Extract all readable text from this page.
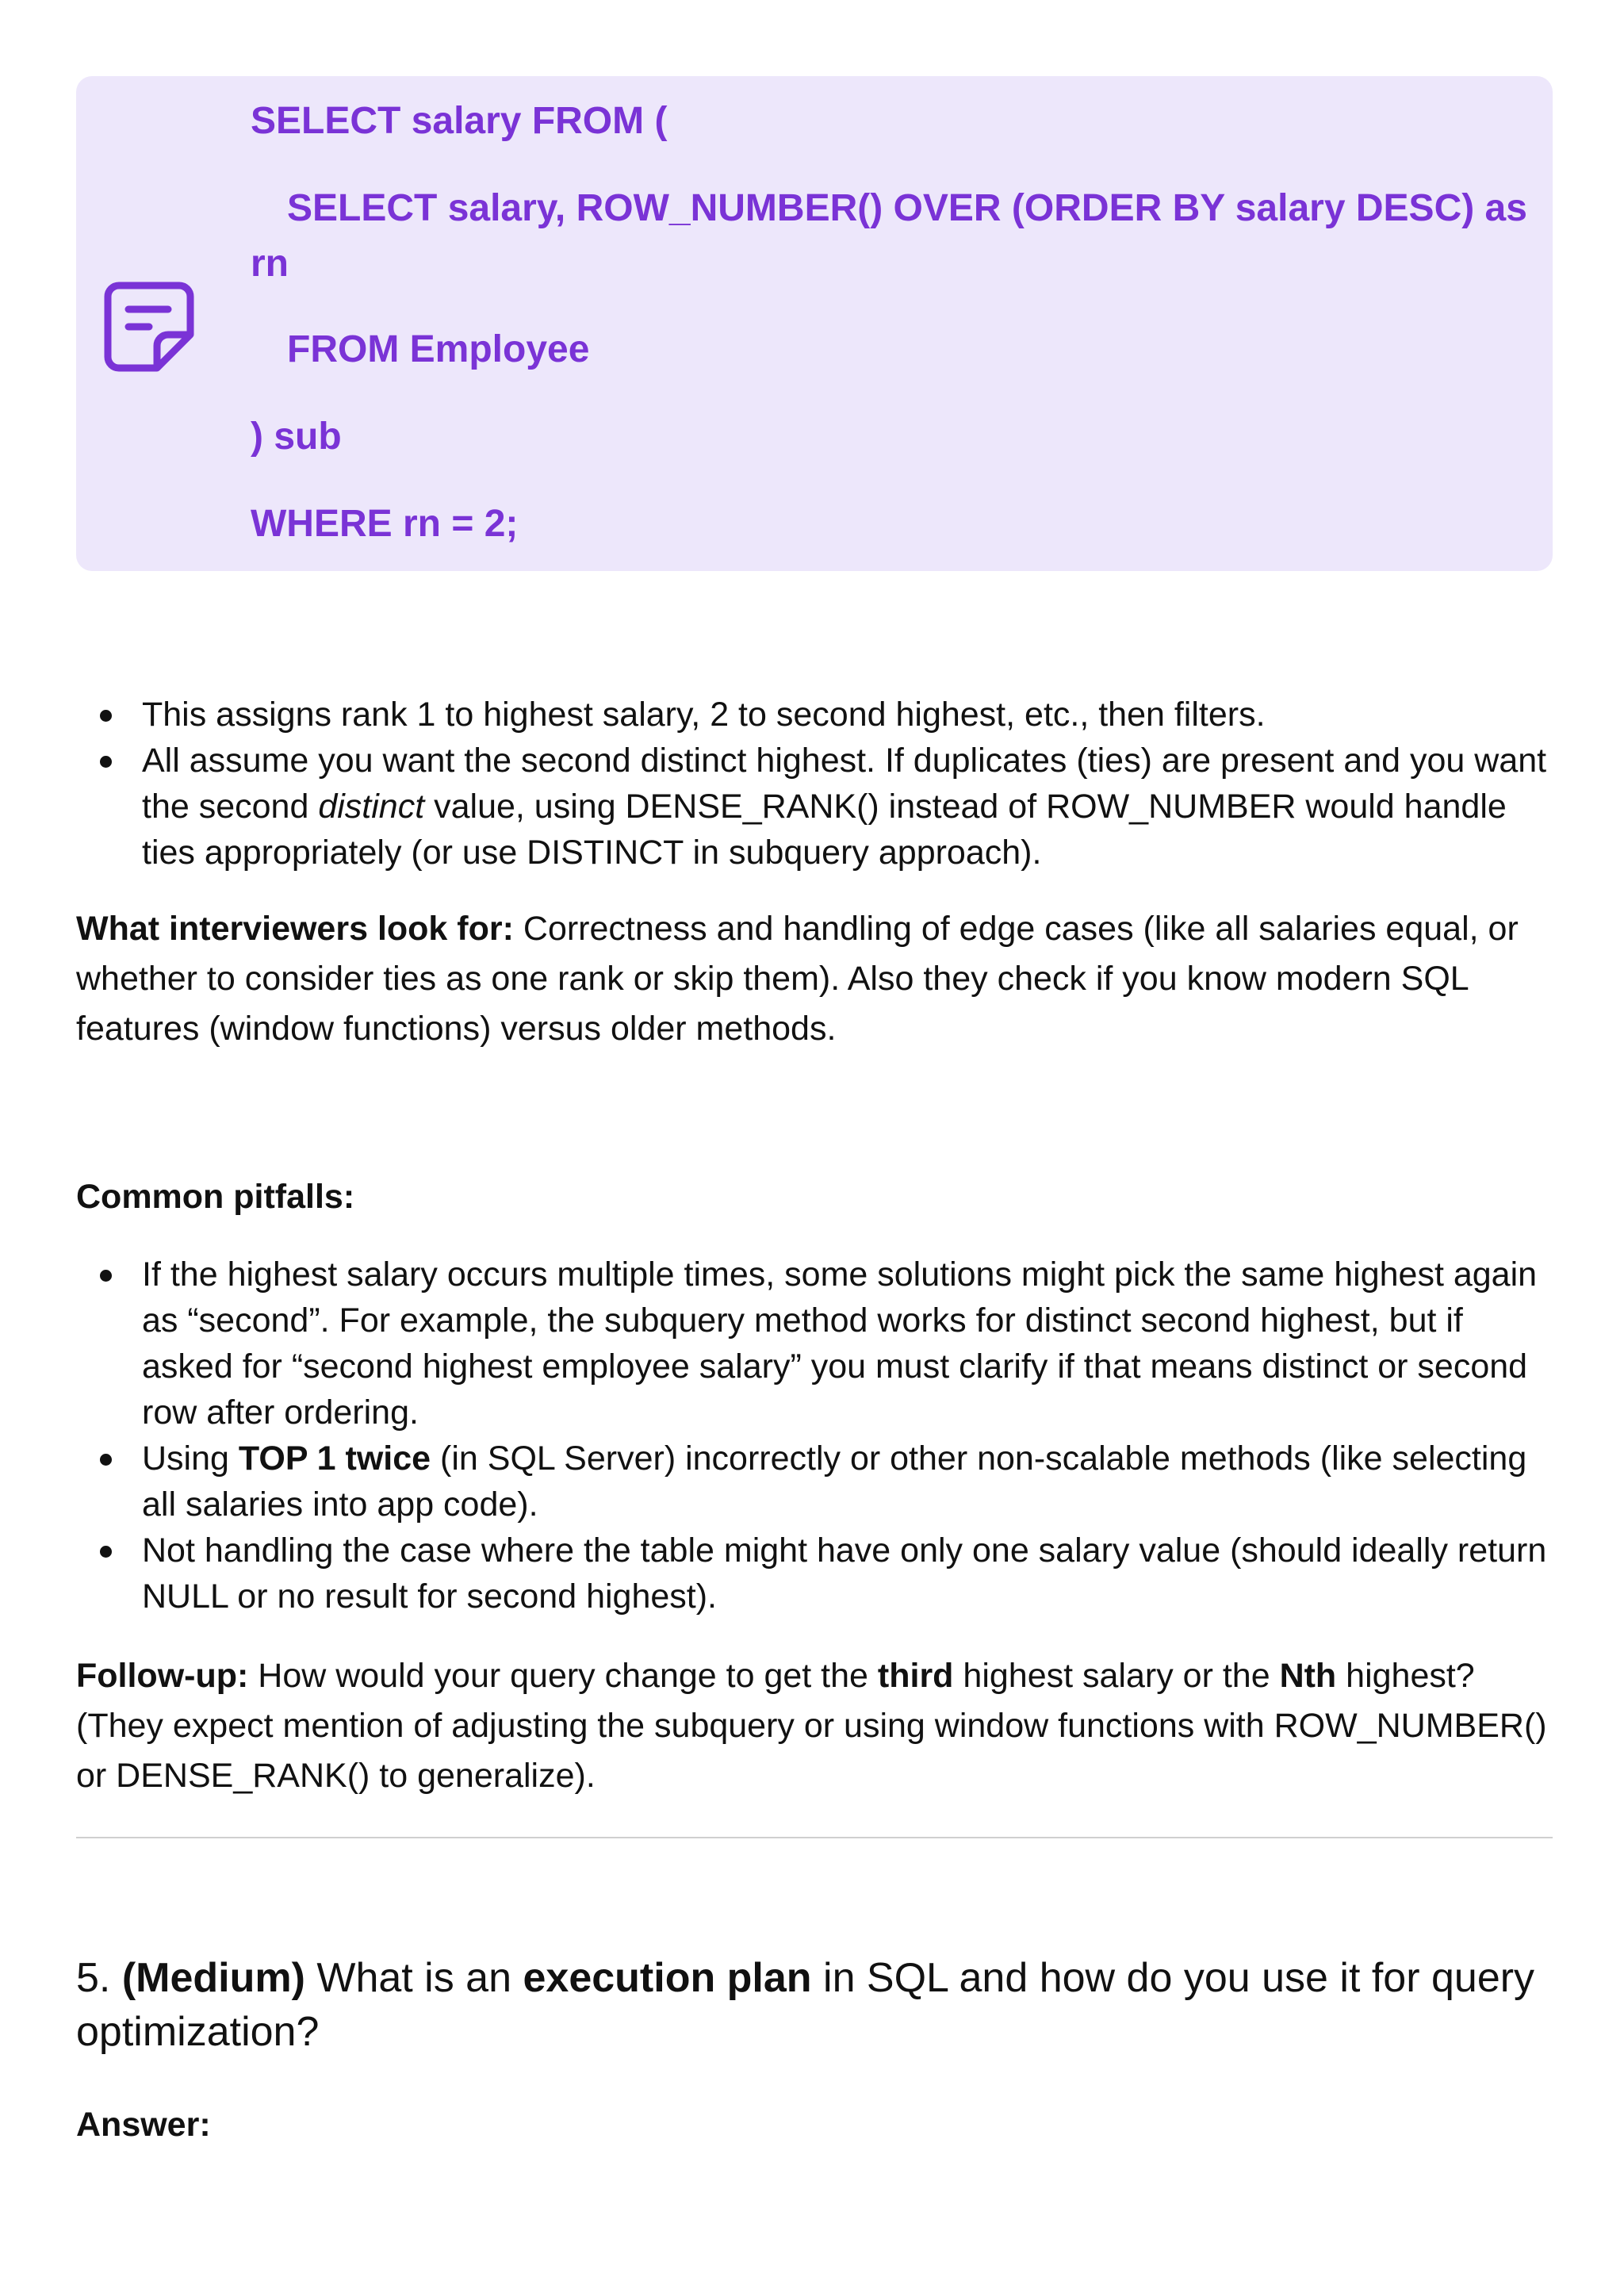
SELECT salary FROM (
SELECT salary, ROW_NUMBER() OVER (ORDER BY salary DESC) as
rn
FROM Employee
) sub
WHERE rn = 2;
This assigns rank 1 to highest salary, 2 to second highest, etc., then filters.
All assume you want the second distinct highest. If duplicates (ties) are present and you want the second distinct value, using DENSE_RANK() instead of ROW_NUMBER would handle ties appropriately (or use DISTINCT in subquery approach).

What interviewers look for: Correctness and handling of edge cases (like all salaries equal, or whether to consider ties as one rank or skip them). Also they check if you know modern SQL features (window functions) versus older methods.

Common pitfalls:

If the highest salary occurs multiple times, some solutions might pick the same highest again as “second”. For example, the subquery method works for distinct second highest, but if asked for “second highest employee salary” you must clarify if that means distinct or second row after ordering.
Using TOP 1 twice (in SQL Server) incorrectly or other non-scalable methods (like selecting all salaries into app code).
Not handling the case where the table might have only one salary value (should ideally return NULL or no result for second highest).

Follow-up: How would your query change to get the third highest salary or the Nth highest? (They expect mention of adjusting the subquery or using window functions with ROW_NUMBER() or DENSE_RANK() to generalize).

5. (Medium) What is an execution plan in SQL and how do you use it for query optimization?

Answer:
